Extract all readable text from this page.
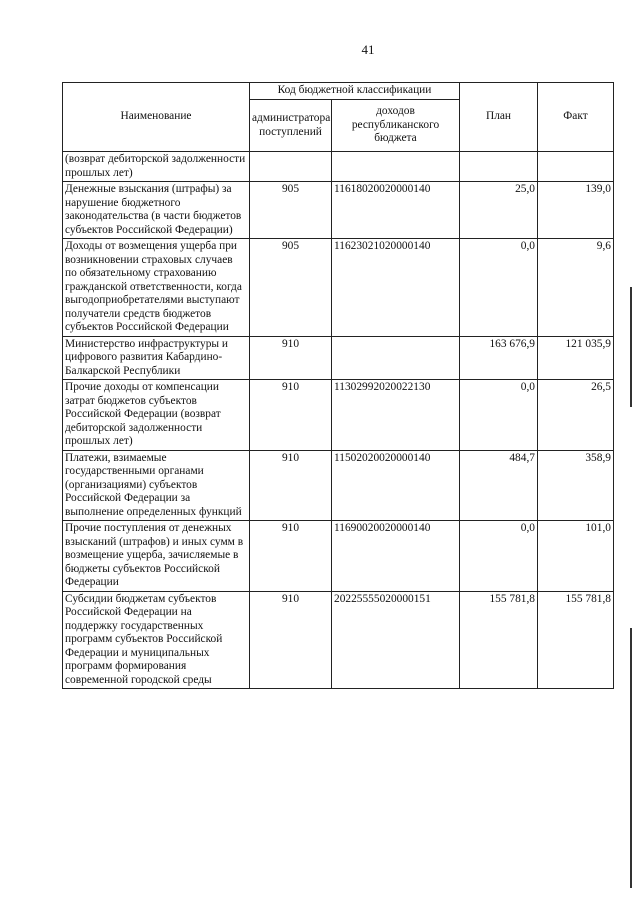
41
Наименование	Код бюджетной классификации		План	Факт
	администратора поступлений	доходов республиканского бюджета		
(возврат дебиторской задолженности прошлых лет)				
Денежные взыскания (штрафы) за нарушение бюджетного законодательства (в части бюджетов субъектов Российской Федерации)	905	11618020020000140	25,0	139,0
Доходы от возмещения ущерба при возникновении страховых случаев по обязательному страхованию гражданской ответственности, когда выгодоприобретателями выступают получатели средств бюджетов субъектов Российской Федерации	905	11623021020000140	0,0	9,6
Министерство инфраструктуры и цифрового развития Кабардино-Балкарской Республики	910		163 676,9	121 035,9
Прочие доходы от компенсации затрат бюджетов субъектов Российской Федерации (возврат дебиторской задолженности прошлых лет)	910	11302992020022130	0,0	26,5
Платежи, взимаемые государственными органами (организациями) субъектов Российской Федерации за выполнение определенных функций	910	11502020020000140	484,7	358,9
Прочие поступления от денежных взысканий (штрафов) и иных сумм в возмещение ущерба, зачисляемые в бюджеты субъектов Российской Федерации	910	11690020020000140	0,0	101,0
Субсидии бюджетам субъектов Российской Федерации на поддержку государственных программ субъектов Российской Федерации и муниципальных программ формирования современной городской среды	910	20225555020000151	155 781,8	155 781,8
